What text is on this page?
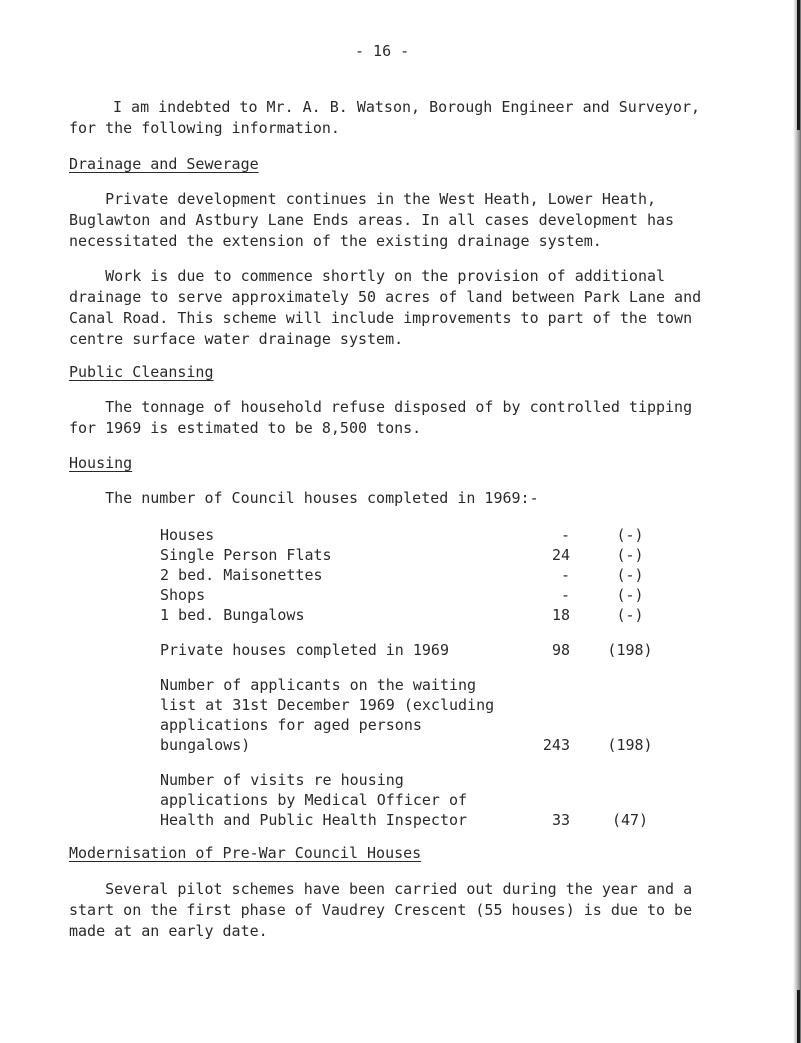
- 16 -
I am indebted to Mr. A. B. Watson, Borough Engineer and Surveyor,
for the following information.
Drainage and Sewerage
Private development continues in the West Heath, Lower Heath,
Buglawton and Astbury Lane Ends areas. In all cases development has
necessitated the extension of the existing drainage system.
Work is due to commence shortly on the provision of additional
drainage to serve approximately 50 acres of land between Park Lane and
Canal Road. This scheme will include improvements to part of the town
centre surface water drainage system.
Public Cleansing
The tonnage of household refuse disposed of by controlled tipping
for 1969 is estimated to be 8,500 tons.
Housing
The number of Council houses completed in 1969:-
Houses	-	(-)
Single Person Flats	24	(-)
2 bed. Maisonettes	-	(-)
Shops	-	(-)
1 bed. Bungalows	18	(-)
Private houses completed in 1969	98	(198)
Number of applicants on the waiting
list at 31st December 1969 (excluding
applications for aged persons
bungalows)	243	(198)
Number of visits re housing
applications by Medical Officer of
Health and Public Health Inspector	33	(47)
Modernisation of Pre-War Council Houses
Several pilot schemes have been carried out during the year and a
start on the first phase of Vaudrey Crescent (55 houses) is due to be
made at an early date.
